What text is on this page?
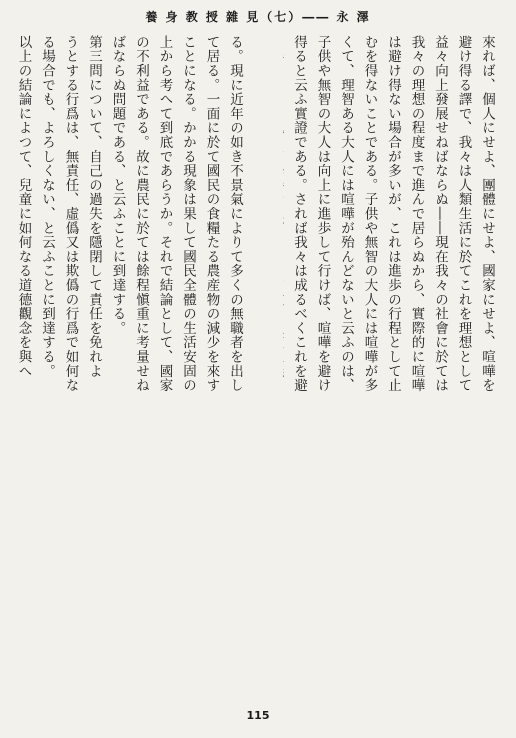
養 身 教 授 雜 見（七）―― 永 澤
來れば、個人にせよ、團體にせよ、國家にせよ、喧嘩を
避け得る譯で、我々は人類生活に於てこれを理想として
益々向上發展せねばならぬ――現在我々の社會に於ては
我々の理想の程度まで進んで居らぬから、實際的に喧嘩
は避け得ない場合が多いが、これは進歩の行程として止
むを得ないことである。子供や無智の大人には喧嘩が多
くて、理智ある大人には喧嘩が殆んどないと云ふのは、
子供や無智の大人は向上に進歩して行けば、喧嘩を避け
得ると云ふ實證である。されば我々は成るべくこれを避
る。現に近年の如き不景氣によりて多くの無職者を出し
て居る。一面に於て國民の食糧たる農産物の減少を來す
ことになる。かかる現象は果して國民全體の生活安固の
上から考へて到底であらうか。それで結論として、國家
の不利益である。故に農民に於ては餘程愼重に考量せね
ばならぬ問題である、と云ふことに到達する。
第三問について、自己の過失を隱閉して責任を免れよ
うとする行爲は、無責任、虛僞又は欺僞の行爲で如何な
る場合でも、よろしくない、と云ふことに到達する。
以上の結論によつて、兒童に如何なる道德觀念を與へ
115
